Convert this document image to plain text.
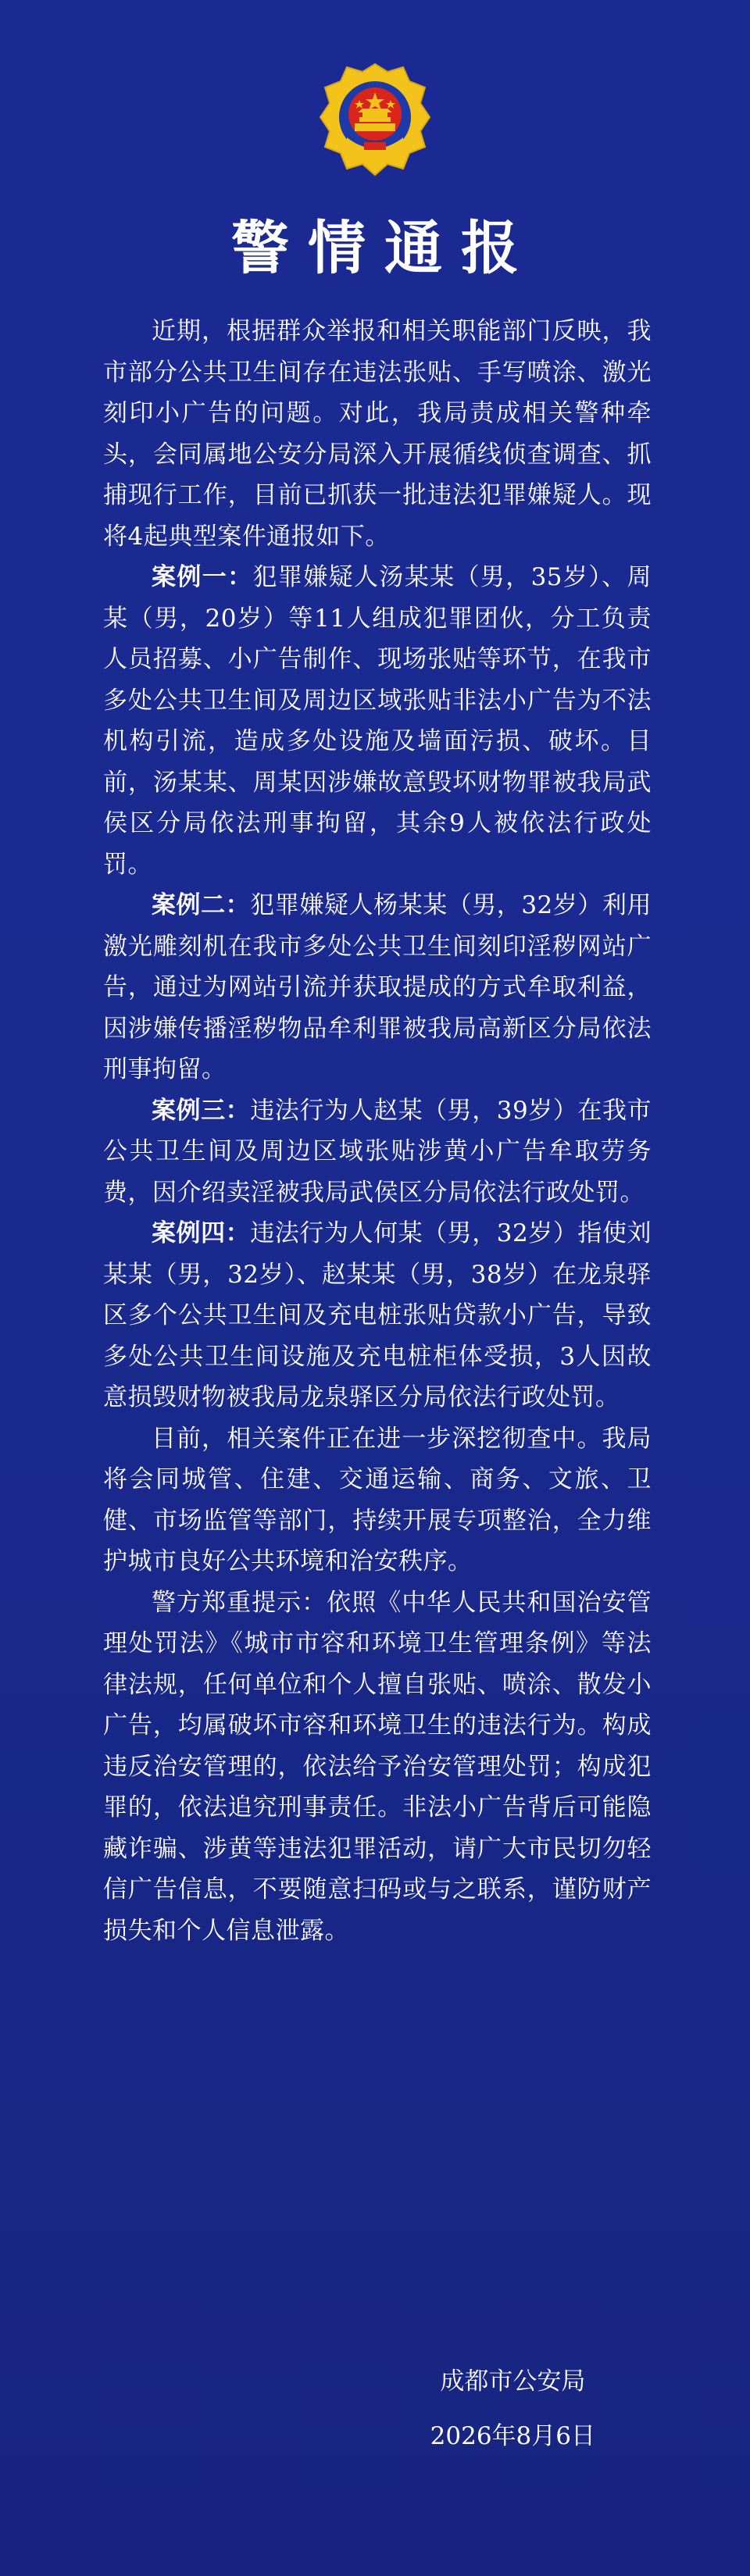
警情通报

近期，根据群众举报和相关职能部门反映，我市部分公共卫生间存在违法张贴、手写喷涂、激光刻印小广告的问题。对此，我局责成相关警种牵头，会同属地公安分局深入开展循线侦查调查、抓捕现行工作，目前已抓获一批违法犯罪嫌疑人。现将4起典型案件通报如下。

案例一：犯罪嫌疑人汤某某（男，35岁）、周某（男，20岁）等11人组成犯罪团伙，分工负责人员招募、小广告制作、现场张贴等环节，在我市多处公共卫生间及周边区域张贴非法小广告为不法机构引流，造成多处设施及墙面污损、破坏。目前，汤某某、周某因涉嫌故意毁坏财物罪被我局武侯区分局依法刑事拘留，其余9人被依法行政处罚。

案例二：犯罪嫌疑人杨某某（男，32岁）利用激光雕刻机在我市多处公共卫生间刻印淫秽网站广告，通过为网站引流并获取提成的方式牟取利益，因涉嫌传播淫秽物品牟利罪被我局高新区分局依法刑事拘留。

案例三：违法行为人赵某（男，39岁）在我市公共卫生间及周边区域张贴涉黄小广告牟取劳务费，因介绍卖淫被我局武侯区分局依法行政处罚。

案例四：违法行为人何某（男，32岁）指使刘某某（男，32岁）、赵某某（男，38岁）在龙泉驿区多个公共卫生间及充电桩张贴贷款小广告，导致多处公共卫生间设施及充电桩柜体受损，3人因故意损毁财物被我局龙泉驿区分局依法行政处罚。

目前，相关案件正在进一步深挖彻查中。我局将会同城管、住建、交通运输、商务、文旅、卫健、市场监管等部门，持续开展专项整治，全力维护城市良好公共环境和治安秩序。

警方郑重提示：依照《中华人民共和国治安管理处罚法》《城市市容和环境卫生管理条例》等法律法规，任何单位和个人擅自张贴、喷涂、散发小广告，均属破坏市容和环境卫生的违法行为。构成违反治安管理的，依法给予治安管理处罚；构成犯罪的，依法追究刑事责任。非法小广告背后可能隐藏诈骗、涉黄等违法犯罪活动，请广大市民切勿轻信广告信息，不要随意扫码或与之联系，谨防财产损失和个人信息泄露。

成都市公安局
2026年8月6日
